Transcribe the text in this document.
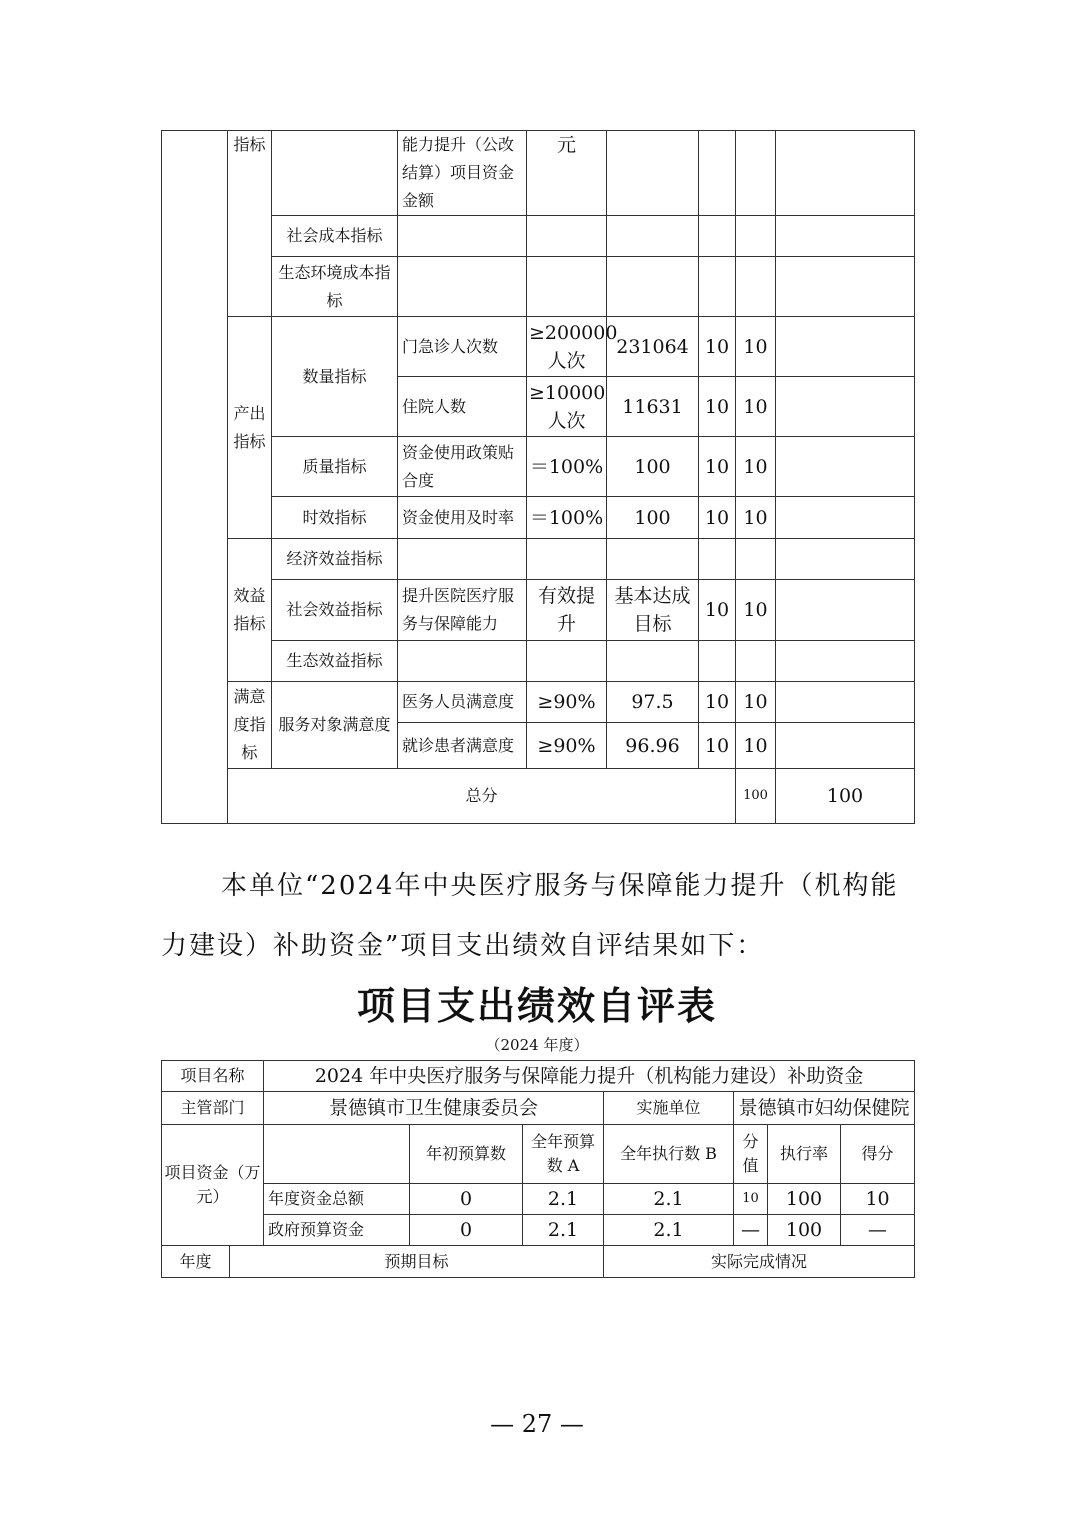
	指标		能力提升（公改结算）项目资金金额	元					
		社会成本指标							
		生态环境成本指标							
	产出指标	数量指标	门急诊人次数	≥200000人次	231064	10	10		
			住院人数	≥10000人次	11631	10	10		
		质量指标	资金使用政策贴合度	＝100%	100	10	10		
		时效指标	资金使用及时率	＝100%	100	10	10		
	效益指标	经济效益指标							
		社会效益指标	提升医院医疗服务与保障能力	有效提升	基本达成目标	10	10		
		生态效益指标							
	满意度指标	服务对象满意度	医务人员满意度	≥90%	97.5	10	10		
			就诊患者满意度	≥90%	96.96	10	10		
	总分						100	100	
本单位“2024年中央医疗服务与保障能力提升（机构能力建设）补助资金”项目支出绩效自评结果如下：
项目支出绩效自评表
（2024 年度）
项目名称		2024 年中央医疗服务与保障能力提升（机构能力建设）补助资金						
主管部门		景德镇市卫生健康委员会			实施单位	景德镇市妇幼保健院		
项目资金（万元）			年初预算数	全年预算数 A	全年执行数 B	分值	执行率	得分
		年度资金总额	0	2.1	2.1	10	100	10
		政府预算资金	0	2.1	2.1	—	100	—
年度	预期目标				实际完成情况			
— 27 —
